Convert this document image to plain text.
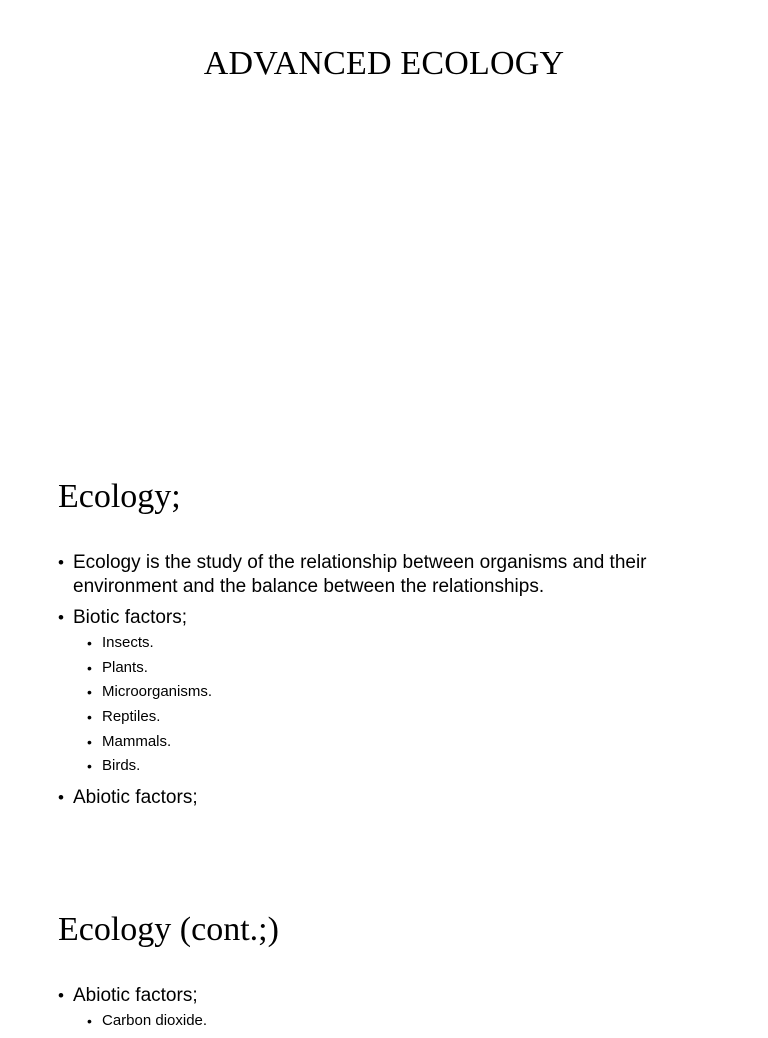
ADVANCED ECOLOGY
Ecology;
• Ecology is the study of the relationship between organisms and their environment and the balance between the relationships.
• Biotic factors;
• Insects.
• Plants.
• Microorganisms.
• Reptiles.
• Mammals.
• Birds.
• Abiotic factors;
Ecology (cont.;)
• Abiotic factors;
• Carbon dioxide.
